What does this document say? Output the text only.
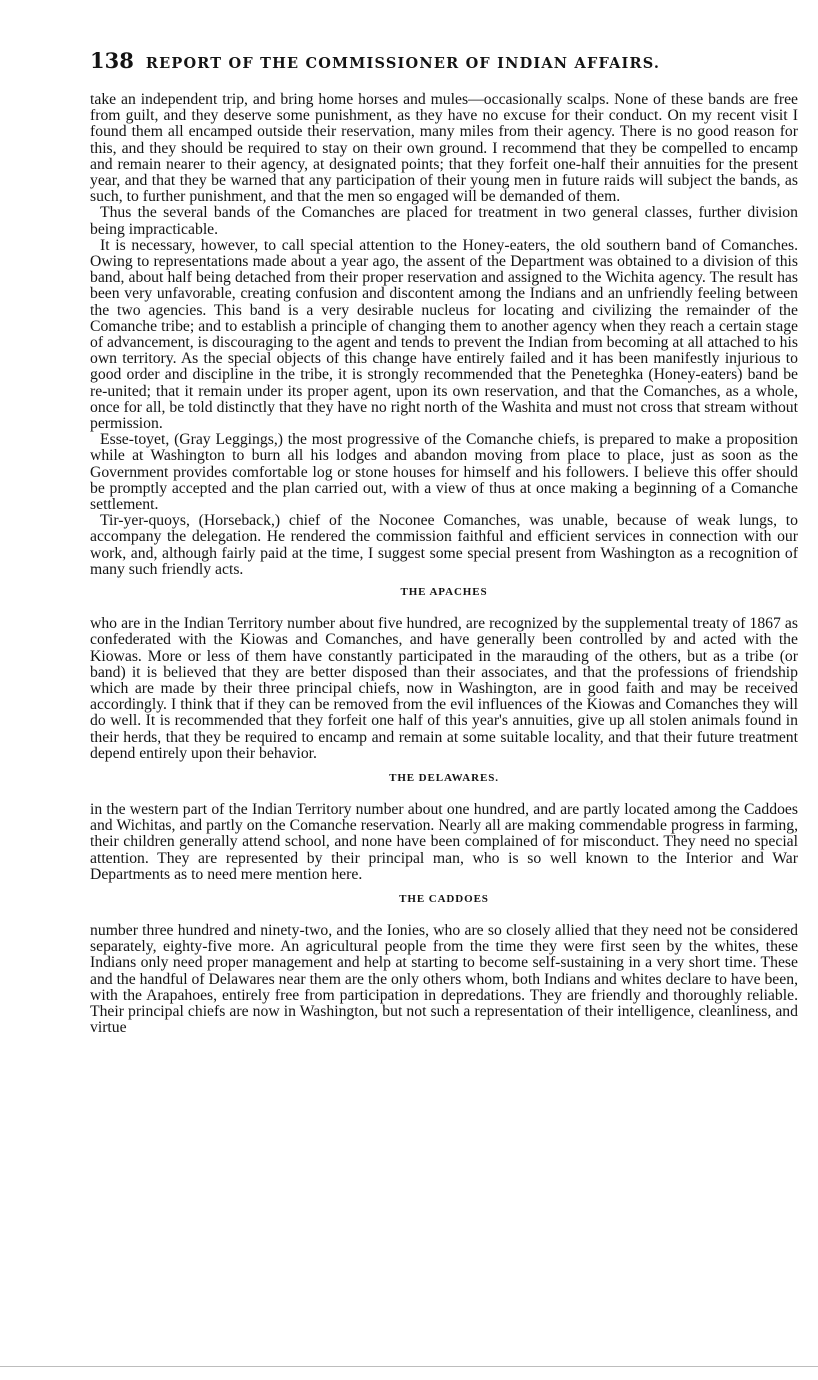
138 REPORT OF THE COMMISSIONER OF INDIAN AFFAIRS.

take an independent trip, and bring home horses and mules—occasionally scalps. None of these bands are free from guilt, and they deserve some punishment, as they have no excuse for their conduct. On my recent visit I found them all encamped outside their reservation, many miles from their agency. There is no good reason for this, and they should be required to stay on their own ground. I recommend that they be compelled to encamp and remain nearer to their agency, at designated points; that they forfeit one-half their annuities for the present year, and that they be warned that any participation of their young men in future raids will subject the bands, as such, to further punishment, and that the men so engaged will be demanded of them.

Thus the several bands of the Comanches are placed for treatment in two general classes, further division being impracticable.

It is necessary, however, to call special attention to the Honey-eaters, the old southern band of Comanches. Owing to representations made about a year ago, the assent of the Department was obtained to a division of this band, about half being detached from their proper reservation and assigned to the Wichita agency. The result has been very unfavorable, creating confusion and discontent among the Indians and an unfriendly feeling between the two agencies. This band is a very desirable nucleus for locating and civilizing the remainder of the Comanche tribe; and to establish a principle of changing them to another agency when they reach a certain stage of advancement, is discouraging to the agent and tends to prevent the Indian from becoming at all attached to his own territory. As the special objects of this change have entirely failed and it has been manifestly injurious to good order and discipline in the tribe, it is strongly recommended that the Peneteghka (Honey-eaters) band be re-united; that it remain under its proper agent, upon its own reservation, and that the Comanches, as a whole, once for all, be told distinctly that they have no right north of the Washita and must not cross that stream without permission.

Esse-toyet, (Gray Leggings,) the most progressive of the Comanche chiefs, is prepared to make a proposition while at Washington to burn all his lodges and abandon moving from place to place, just as soon as the Government provides comfortable log or stone houses for himself and his followers. I believe this offer should be promptly accepted and the plan carried out, with a view of thus at once making a beginning of a Comanche settlement.

Tir-yer-quoys, (Horseback,) chief of the Noconee Comanches, was unable, because of weak lungs, to accompany the delegation. He rendered the commission faithful and efficient services in connection with our work, and, although fairly paid at the time, I suggest some special present from Washington as a recognition of many such friendly acts.

THE APACHES

who are in the Indian Territory number about five hundred, are recognized by the supplemental treaty of 1867 as confederated with the Kiowas and Comanches, and have generally been controlled by and acted with the Kiowas. More or less of them have constantly participated in the marauding of the others, but as a tribe (or band) it is believed that they are better disposed than their associates, and that the professions of friendship which are made by their three principal chiefs, now in Washington, are in good faith and may be received accordingly. I think that if they can be removed from the evil influences of the Kiowas and Comanches they will do well. It is recommended that they forfeit one half of this year's annuities, give up all stolen animals found in their herds, that they be required to encamp and remain at some suitable locality, and that their future treatment depend entirely upon their behavior.

THE DELAWARES.

in the western part of the Indian Territory number about one hundred, and are partly located among the Caddoes and Wichitas, and partly on the Comanche reservation. Nearly all are making commendable progress in farming, their children generally attend school, and none have been complained of for misconduct. They need no special attention. They are represented by their principal man, who is so well known to the Interior and War Departments as to need mere mention here.

THE CADDOES

number three hundred and ninety-two, and the Ionies, who are so closely allied that they need not be considered separately, eighty-five more. An agricultural people from the time they were first seen by the whites, these Indians only need proper management and help at starting to become self-sustaining in a very short time. These and the handful of Delawares near them are the only others whom, both Indians and whites declare to have been, with the Arapahoes, entirely free from participation in depredations. They are friendly and thoroughly reliable. Their principal chiefs are now in Washington, but not such a representation of their intelligence, cleanliness, and virtue
